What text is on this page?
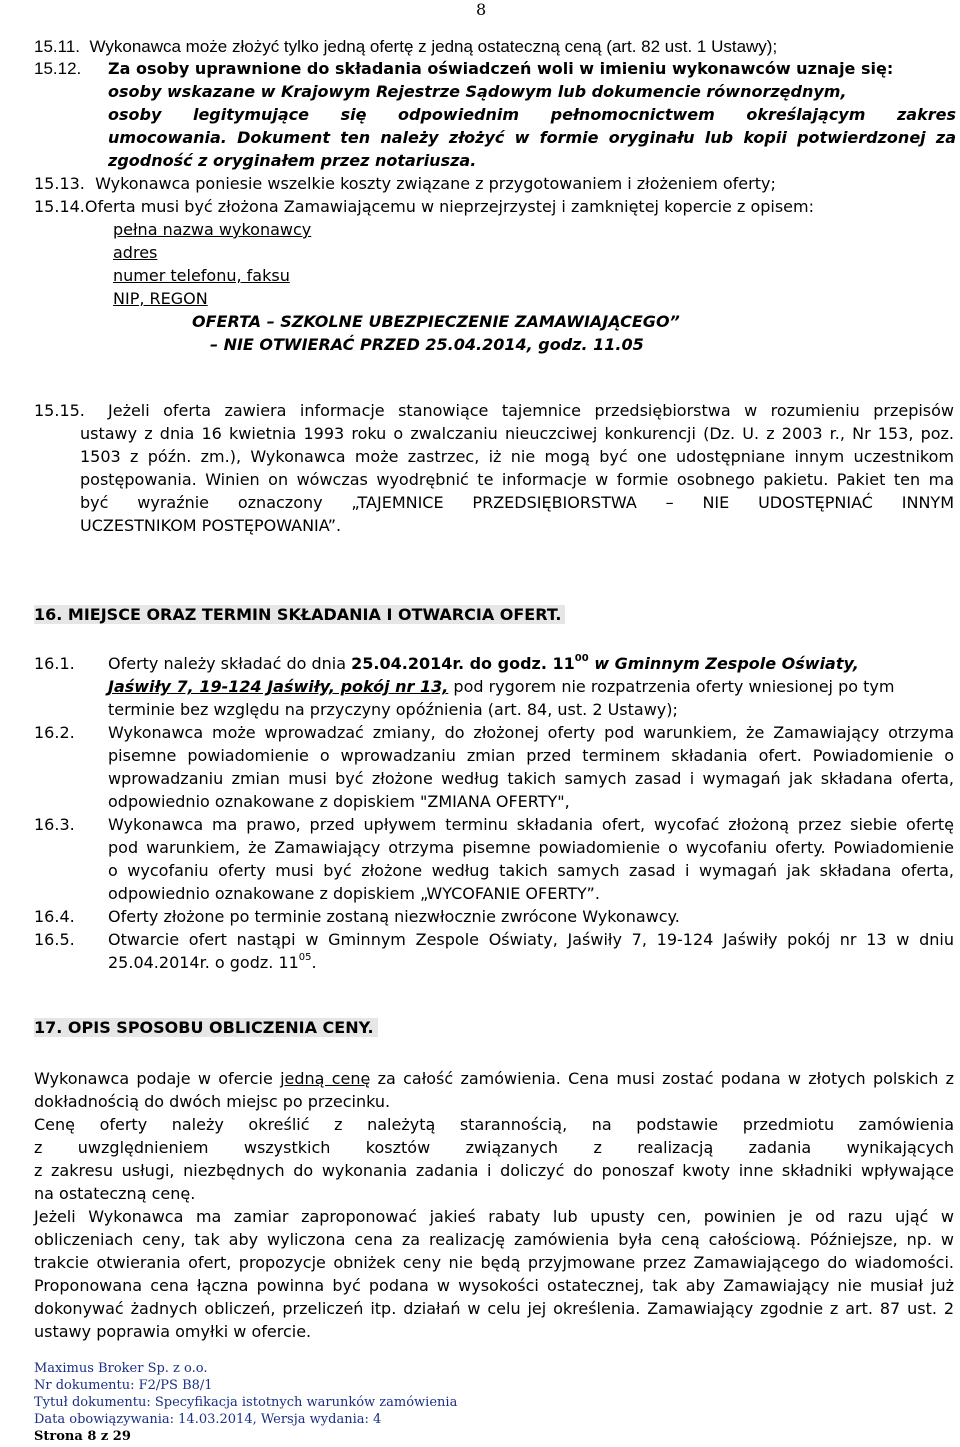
8
15.11. Wykonawca może złożyć tylko jedną ofertę z jedną ostateczną ceną (art. 82 ust. 1 Ustawy);
15.12. Za osoby uprawnione do składania oświadczeń woli w imieniu wykonawców uznaje się:
osoby wskazane w Krajowym Rejestrze Sądowym lub dokumencie równorzędnym,
osoby legitymujące się odpowiednim pełnomocnictwem określającym zakres
umocowania. Dokument ten należy złożyć w formie oryginału lub kopii potwierdzonej za
zgodność z oryginałem przez notariusza.
15.13. Wykonawca poniesie wszelkie koszty związane z przygotowaniem i złożeniem oferty;
15.14.Oferta musi być złożona Zamawiającemu w nieprzejrzystej i zamkniętej kopercie z opisem:
pełna nazwa wykonawcy
adres
numer telefonu, faksu
NIP, REGON
OFERTA – SZKOLNE UBEZPIECZENIE ZAMAWIAJĄCEGO”
– NIE OTWIERAĆ PRZED 25.04.2014, godz. 11.05
15.15. Jeżeli oferta zawiera informacje stanowiące tajemnice przedsiębiorstwa w rozumieniu przepisów
ustawy z dnia 16 kwietnia 1993 roku o zwalczaniu nieuczciwej konkurencji (Dz. U. z 2003 r., Nr 153, poz.
1503 z późn. zm.), Wykonawca może zastrzec, iż nie mogą być one udostępniane innym uczestnikom
postępowania. Winien on wówczas wyodrębnić te informacje w formie osobnego pakietu. Pakiet ten ma
być wyraźnie oznaczony „TAJEMNICE PRZEDSIĘBIORSTWA – NIE UDOSTĘPNIAĆ INNYM
UCZESTNIKOM POSTĘPOWANIA”.
16. MIEJSCE ORAZ TERMIN SKŁADANIA I OTWARCIA OFERT.
16.1. Oferty należy składać do dnia 25.04.2014r. do godz. $11^{00}$ w Gminnym Zespole Oświaty,
Jaświły 7, 19-124 Jaświły, pokój nr 13, pod rygorem nie rozpatrzenia oferty wniesionej po tym
terminie bez względu na przyczyny opóźnienia (art. 84, ust. 2 Ustawy);
16.2. Wykonawca może wprowadzać zmiany, do złożonej oferty pod warunkiem, że Zamawiający otrzyma
pisemne powiadomienie o wprowadzaniu zmian przed terminem składania ofert. Powiadomienie o
wprowadzaniu zmian musi być złożone według takich samych zasad i wymagań jak składana oferta,
odpowiednio oznakowane z dopiskiem "ZMIANA OFERTY",
16.3. Wykonawca ma prawo, przed upływem terminu składania ofert, wycofać złożoną przez siebie ofertę
pod warunkiem, że Zamawiający otrzyma pisemne powiadomienie o wycofaniu oferty. Powiadomienie
o wycofaniu oferty musi być złożone według takich samych zasad i wymagań jak składana oferta,
odpowiednio oznakowane z dopiskiem „WYCOFANIE OFERTY”.
16.4. Oferty złożone po terminie zostaną niezwłocznie zwrócone Wykonawcy.
16.5. Otwarcie ofert nastąpi w Gminnym Zespole Oświaty, Jaświły 7, 19-124 Jaświły pokój nr 13 w dniu
25.04.2014r. o godz. $11^{05}$.
17. OPIS SPOSOBU OBLICZENIA CENY.
Wykonawca podaje w ofercie jedną cenę za całość zamówienia. Cena musi zostać podana w złotych polskich z
dokładnością do dwóch miejsc po przecinku.
Cenę oferty należy określić z należytą starannością, na podstawie przedmiotu zamówienia
z uwzględnieniem wszystkich kosztów związanych z realizacją zadania wynikających
z zakresu usługi, niezbędnych do wykonania zadania i doliczyć do ponoszaf kwoty inne składniki wpływające
na ostateczną cenę.
Jeżeli Wykonawca ma zamiar zaproponować jakieś rabaty lub upusty cen, powinien je od razu ująć w
obliczeniach ceny, tak aby wyliczona cena za realizację zamówienia była ceną całościową. Późniejsze, np. w
trakcie otwierania ofert, propozycje obniżek ceny nie będą przyjmowane przez Zamawiającego do wiadomości.
Proponowana cena łączna powinna być podana w wysokości ostatecznej, tak aby Zamawiający nie musiał już
dokonywać żadnych obliczeń, przeliczeń itp. działań w celu jej określenia. Zamawiający zgodnie z art. 87 ust. 2
ustawy poprawia omyłki w ofercie.
Maximus Broker Sp. z o.o.
Nr dokumentu: F2/PS B8/1
Tytuł dokumentu: Specyfikacja istotnych warunków zamówienia
Data obowiązywania: 14.03.2014, Wersja wydania: 4
Strona 8 z 29
